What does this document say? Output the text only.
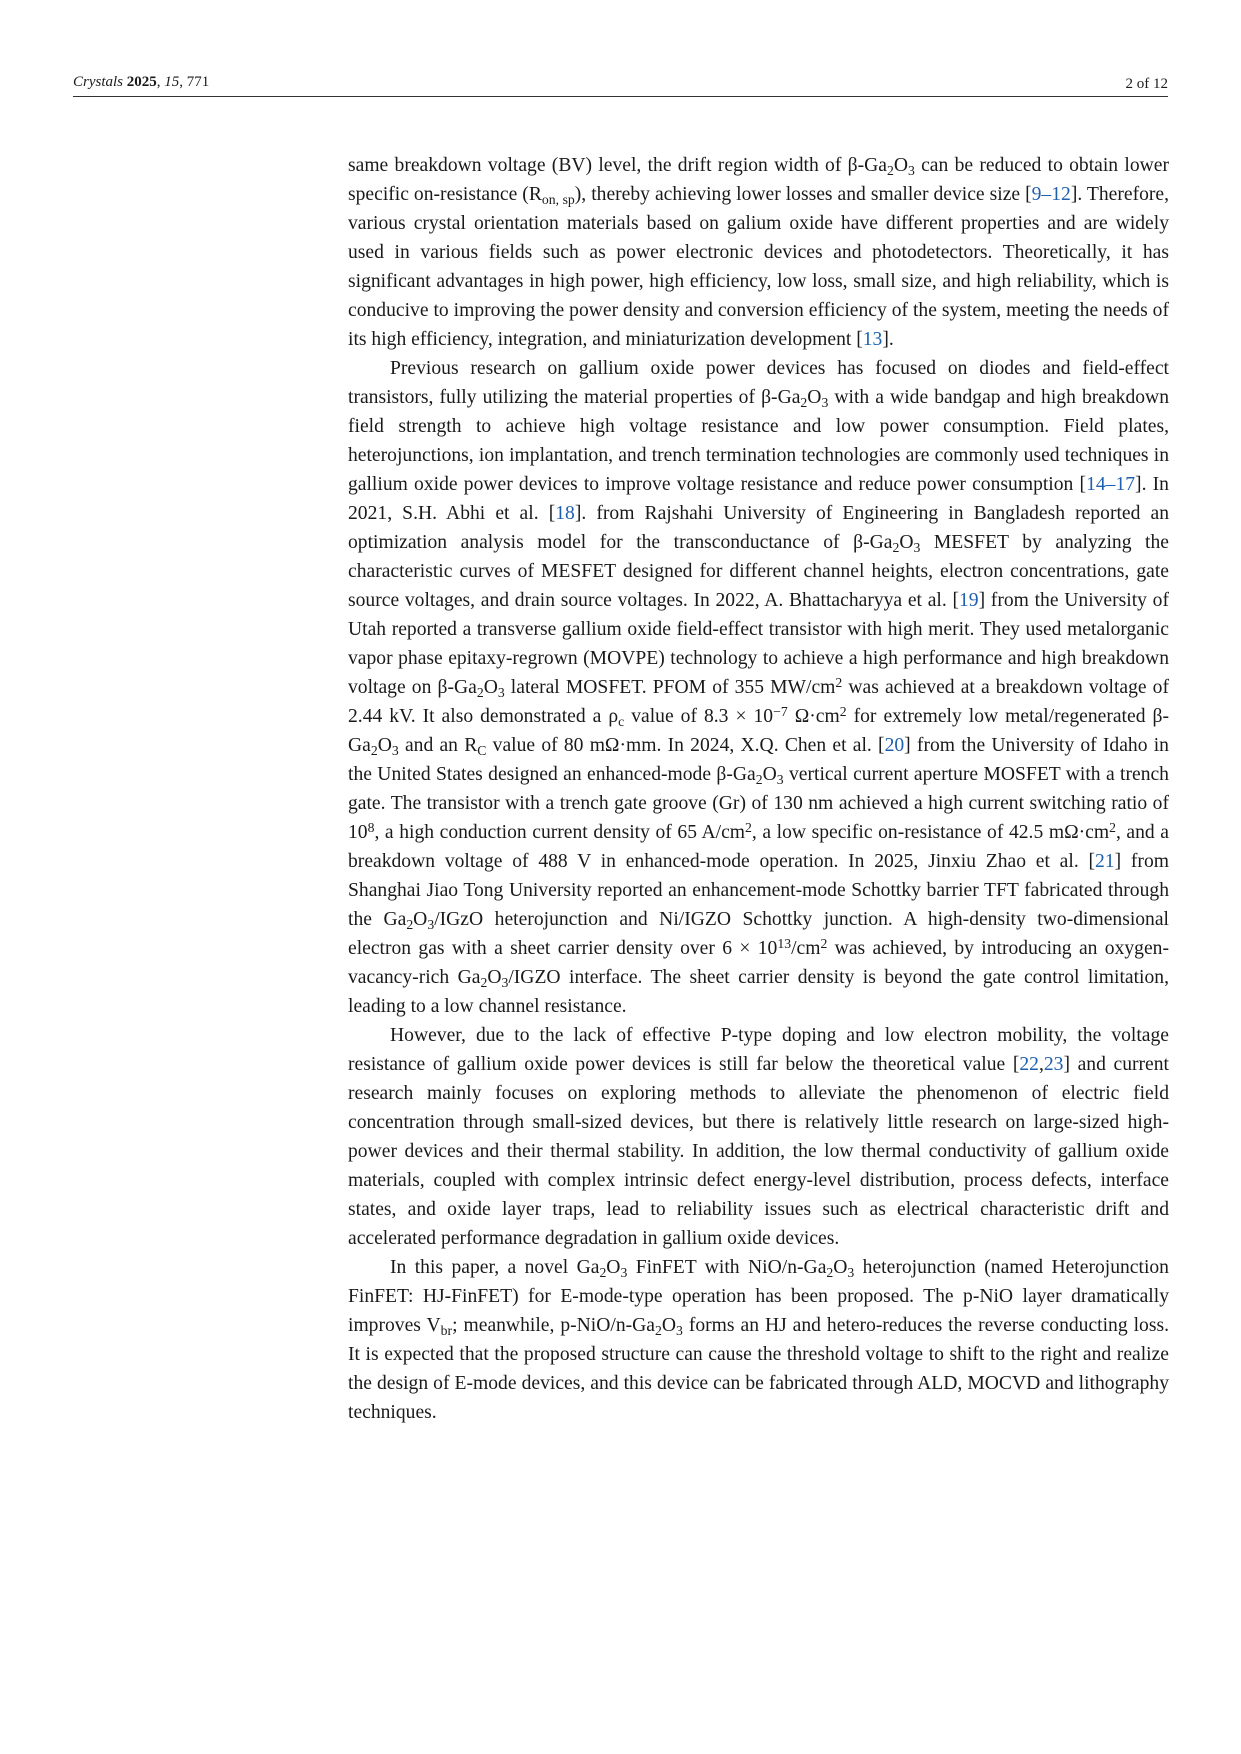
Crystals 2025, 15, 771	2 of 12

same breakdown voltage (BV) level, the drift region width of $\beta-Ga_2O_3$ can be reduced to obtain lower specific on-resistance $(R_{on, sp})$, thereby achieving lower losses and smaller device size [9–12]. Therefore, various crystal orientation materials based on galium oxide have different properties and are widely used in various fields such as power electronic devices and photodetectors. Theoretically, it has significant advantages in high power, high efficiency, low loss, small size, and high reliability, which is conducive to improving the power density and conversion efficiency of the system, meeting the needs of its high efficiency, integration, and miniaturization development [13].

Previous research on gallium oxide power devices has focused on diodes and field-effect transistors, fully utilizing the material properties of $\beta-Ga_2O_3$ with a wide bandgap and high breakdown field strength to achieve high voltage resistance and low power consumption. Field plates, heterojunctions, ion implantation, and trench termination technologies are commonly used techniques in gallium oxide power devices to improve voltage resistance and reduce power consumption [14–17]. In 2021, S.H. Abhi et al. [18]. from Rajshahi University of Engineering in Bangladesh reported an optimization analysis model for the transconductance of $\beta-Ga_2O_3$ MESFET by analyzing the characteristic curves of MESFET designed for different channel heights, electron concentrations, gate source voltages, and drain source voltages. In 2022, A. Bhattacharyya et al. [19] from the University of Utah reported a transverse gallium oxide field-effect transistor with high merit. They used metalorganic vapor phase epitaxy-regrown (MOVPE) technology to achieve a high performance and high breakdown voltage on $\beta-Ga_2O_3$ lateral MOSFET. PFOM of 355 $MW/cm^2$ was achieved at a breakdown voltage of 2.44 kV. It also demonstrated a $\rho_c$ value of $8.3 \times 10^{-7}$ $\Omega\cdot cm^2$ for extremely low metal/regenerated $\beta-Ga_2O_3$ and an $R_C$ value of 80 mΩ·mm. In 2024, X.Q. Chen et al. [20] from the University of Idaho in the United States designed an enhanced-mode $\beta-Ga_2O_3$ vertical current aperture MOSFET with a trench gate. The transistor with a trench gate groove (Gr) of 130 nm achieved a high current switching ratio of $10^8$, a high conduction current density of 65 $A/cm^2$, a low specific on-resistance of 42.5 $m\Omega\cdot cm^2$, and a breakdown voltage of 488 V in enhanced-mode operation. In 2025, Jinxiu Zhao et al. [21] from Shanghai Jiao Tong University reported an enhancement-mode Schottky barrier TFT fabricated through the $Ga_2O_3$/IGzO heterojunction and Ni/IGZO Schottky junction. A high-density two-dimensional electron gas with a sheet carrier density over $6 \times 10^{13}/cm^2$ was achieved, by introducing an oxygen-vacancy-rich $Ga_2O_3$/IGZO interface. The sheet carrier density is beyond the gate control limitation, leading to a low channel resistance.

However, due to the lack of effective P-type doping and low electron mobility, the voltage resistance of gallium oxide power devices is still far below the theoretical value [22,23] and current research mainly focuses on exploring methods to alleviate the phenomenon of electric field concentration through small-sized devices, but there is relatively little research on large-sized high-power devices and their thermal stability. In addition, the low thermal conductivity of gallium oxide materials, coupled with complex intrinsic defect energy-level distribution, process defects, interface states, and oxide layer traps, lead to reliability issues such as electrical characteristic drift and accelerated performance degradation in gallium oxide devices.

In this paper, a novel $Ga_2O_3$ FinFET with NiO/$n-Ga_2O_3$ heterojunction (named Heterojunction FinFET: HJ-FinFET) for E-mode-type operation has been proposed. The p-NiO layer dramatically improves $V_{br}$; meanwhile, $p-NiO/n-Ga_2O_3$ forms an HJ and hetero-reduces the reverse conducting loss. It is expected that the proposed structure can cause the threshold voltage to shift to the right and realize the design of E-mode devices, and this device can be fabricated through ALD, MOCVD and lithography techniques.
